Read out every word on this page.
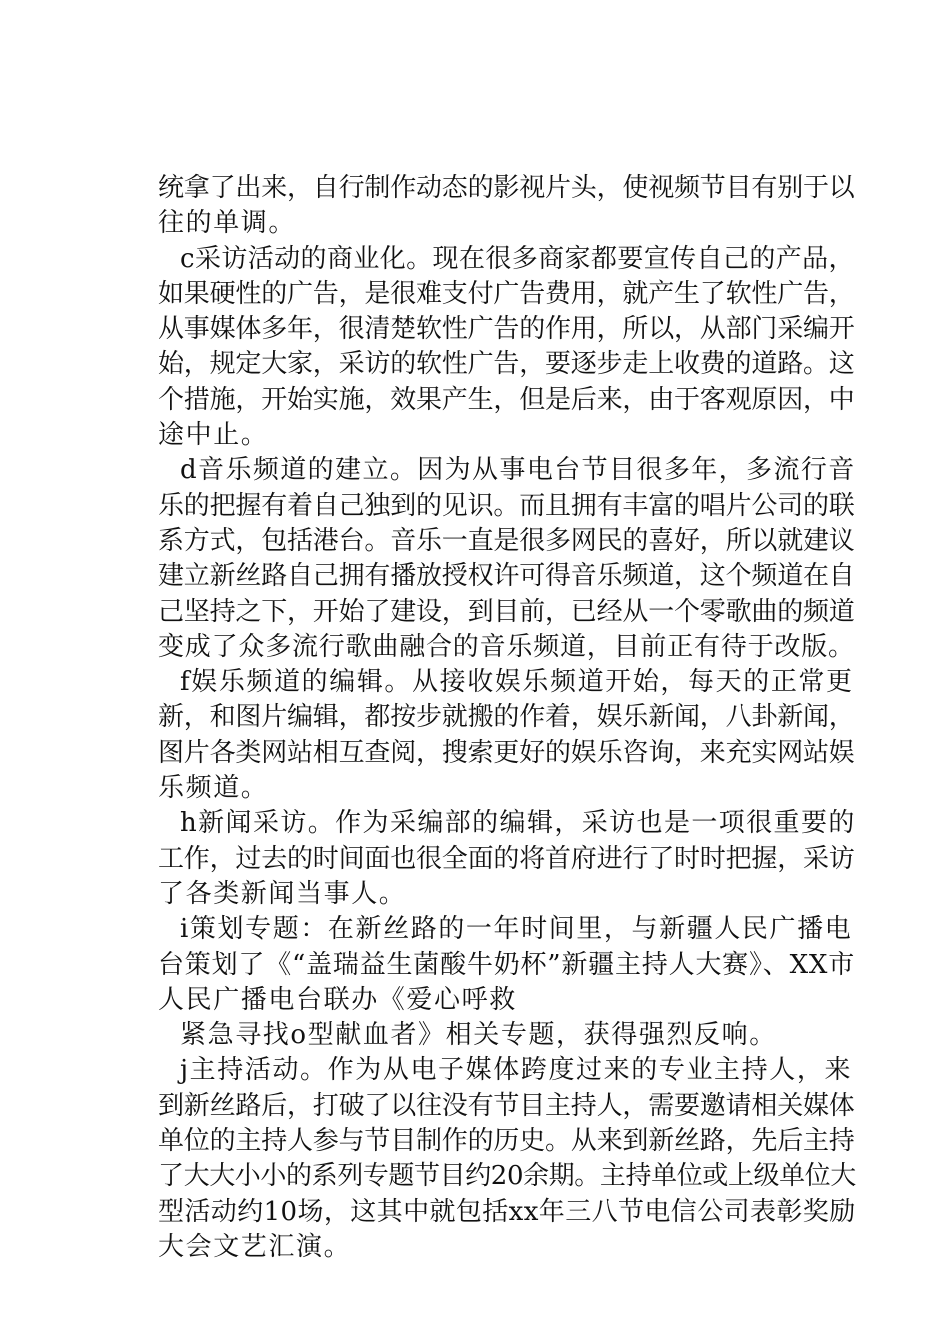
统拿了出来，自行制作动态的影视片头，使视频节目有别于以
往的单调。
c采访活动的商业化。现在很多商家都要宣传自己的产品，
如果硬性的广告，是很难支付广告费用，就产生了软性广告，
从事媒体多年，很清楚软性广告的作用，所以，从部门采编开
始，规定大家，采访的软性广告，要逐步走上收费的道路。这
个措施，开始实施，效果产生，但是后来，由于客观原因，中
途中止。
d音乐频道的建立。因为从事电台节目很多年，多流行音
乐的把握有着自己独到的见识。而且拥有丰富的唱片公司的联
系方式，包括港台。音乐一直是很多网民的喜好，所以就建议
建立新丝路自己拥有播放授权许可得音乐频道，这个频道在自
己坚持之下，开始了建设，到目前，已经从一个零歌曲的频道
变成了众多流行歌曲融合的音乐频道，目前正有待于改版。
f娱乐频道的编辑。从接收娱乐频道开始，每天的正常更
新，和图片编辑，都按步就搬的作着，娱乐新闻，八卦新闻，
图片各类网站相互查阅，搜索更好的娱乐咨询，来充实网站娱
乐频道。
h新闻采访。作为采编部的编辑，采访也是一项很重要的
工作，过去的时间面也很全面的将首府进行了时时把握，采访
了各类新闻当事人。
i策划专题：在新丝路的一年时间里，与新疆人民广播电
台策划了《“盖瑞益生菌酸牛奶杯”新疆主持人大赛》、XX市
人民广播电台联办《爱心呼救
紧急寻找o型献血者》相关专题，获得强烈反响。
j主持活动。作为从电子媒体跨度过来的专业主持人，来
到新丝路后，打破了以往没有节目主持人，需要邀请相关媒体
单位的主持人参与节目制作的历史。从来到新丝路，先后主持
了大大小小的系列专题节目约20余期。主持单位或上级单位大
型活动约10场，这其中就包括xx年三八节电信公司表彰奖励
大会文艺汇演。
